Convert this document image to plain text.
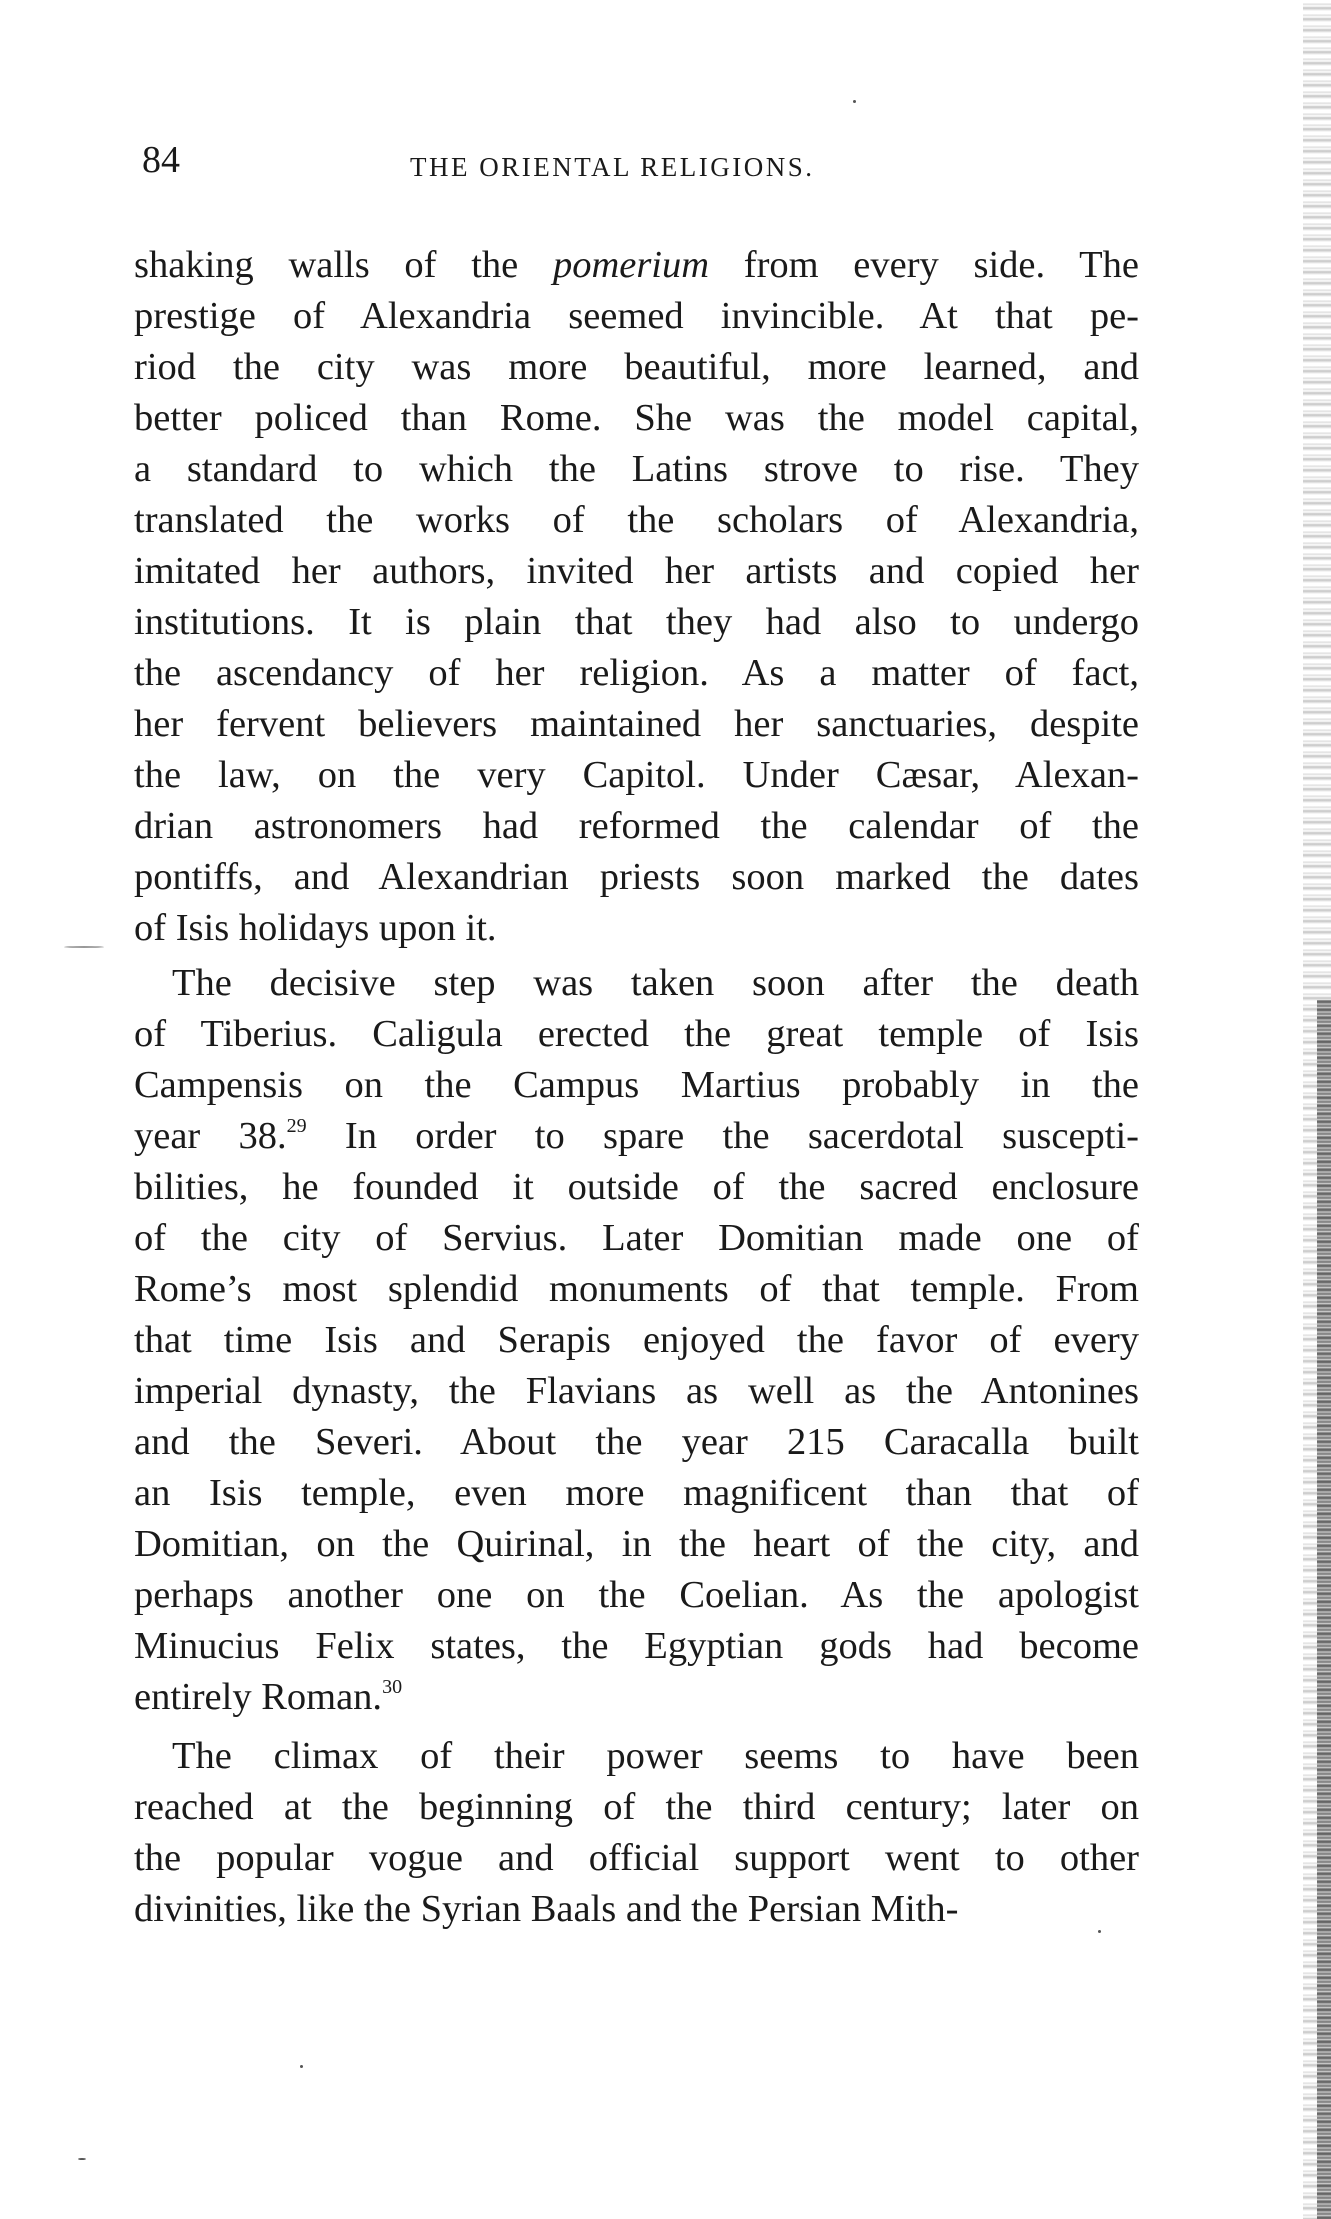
84	THE ORIENTAL RELIGIONS.
shaking walls of the pomerium from every side. The
prestige of Alexandria seemed invincible. At that pe-
riod the city was more beautiful, more learned, and
better policed than Rome. She was the model capital,
a standard to which the Latins strove to rise. They
translated the works of the scholars of Alexandria,
imitated her authors, invited her artists and copied her
institutions. It is plain that they had also to undergo
the ascendancy of her religion. As a matter of fact,
her fervent believers maintained her sanctuaries, despite
the law, on the very Capitol. Under Cæsar, Alexan-
drian astronomers had reformed the calendar of the
pontiffs, and Alexandrian priests soon marked the dates
of Isis holidays upon it.
The decisive step was taken soon after the death
of Tiberius. Caligula erected the great temple of Isis
Campensis on the Campus Martius probably in the
year 38.29 In order to spare the sacerdotal suscepti-
bilities, he founded it outside of the sacred enclosure
of the city of Servius. Later Domitian made one of
Rome’s most splendid monuments of that temple. From
that time Isis and Serapis enjoyed the favor of every
imperial dynasty, the Flavians as well as the Antonines
and the Severi. About the year 215 Caracalla built
an Isis temple, even more magnificent than that of
Domitian, on the Quirinal, in the heart of the city, and
perhaps another one on the Coelian. As the apologist
Minucius Felix states, the Egyptian gods had become
entirely Roman.$^{30}$
The climax of their power seems to have been
reached at the beginning of the third century; later on
the popular vogue and official support went to other
divinities, like the Syrian Baals and the Persian Mith-
